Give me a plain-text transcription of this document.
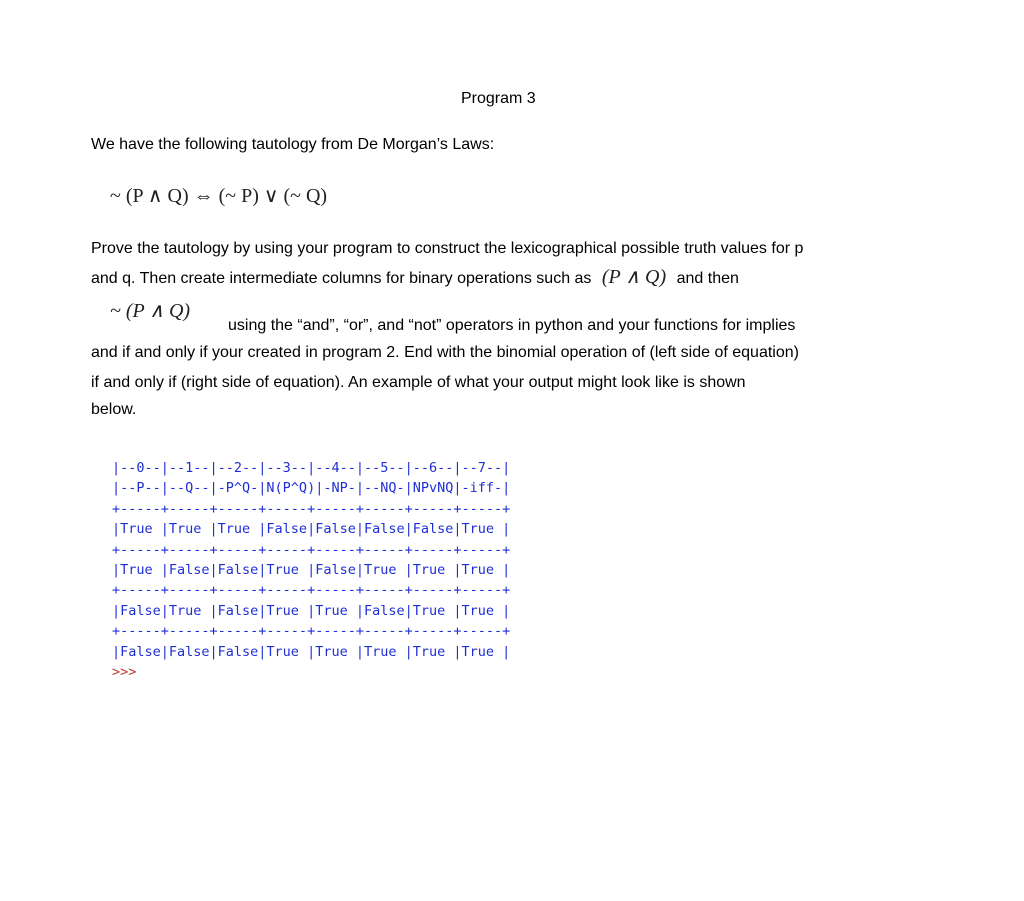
Program 3
We have the following tautology from De Morgan’s Laws:
~ (P ∧ Q) ⇔ (~ P) ∨ (~ Q)
Prove the tautology by using your program to construct the lexicographical possible truth values for p
and q. Then create intermediate columns for binary operations such as (P ∧ Q) and then
~ (P ∧ Q)
using the “and”, “or”, and “not” operators in python and your functions for implies
and if and only if your created in program 2. End with the binomial operation of (left side of equation)
if and only if (right side of equation). An example of what your output might look like is shown
below.
|--0--|--1--|--2--|--3--|--4--|--5--|--6--|--7--|
|--P--|--Q--|-P^Q-|N(P^Q)|-NP-|--NQ-|NPvNQ|-iff-|
+-----+-----+-----+-----+-----+-----+-----+-----+
|True |True |True |False|False|False|False|True |
+-----+-----+-----+-----+-----+-----+-----+-----+
|True |False|False|True |False|True |True |True |
+-----+-----+-----+-----+-----+-----+-----+-----+
|False|True |False|True |True |False|True |True |
+-----+-----+-----+-----+-----+-----+-----+-----+
|False|False|False|True |True |True |True |True |
>>>
